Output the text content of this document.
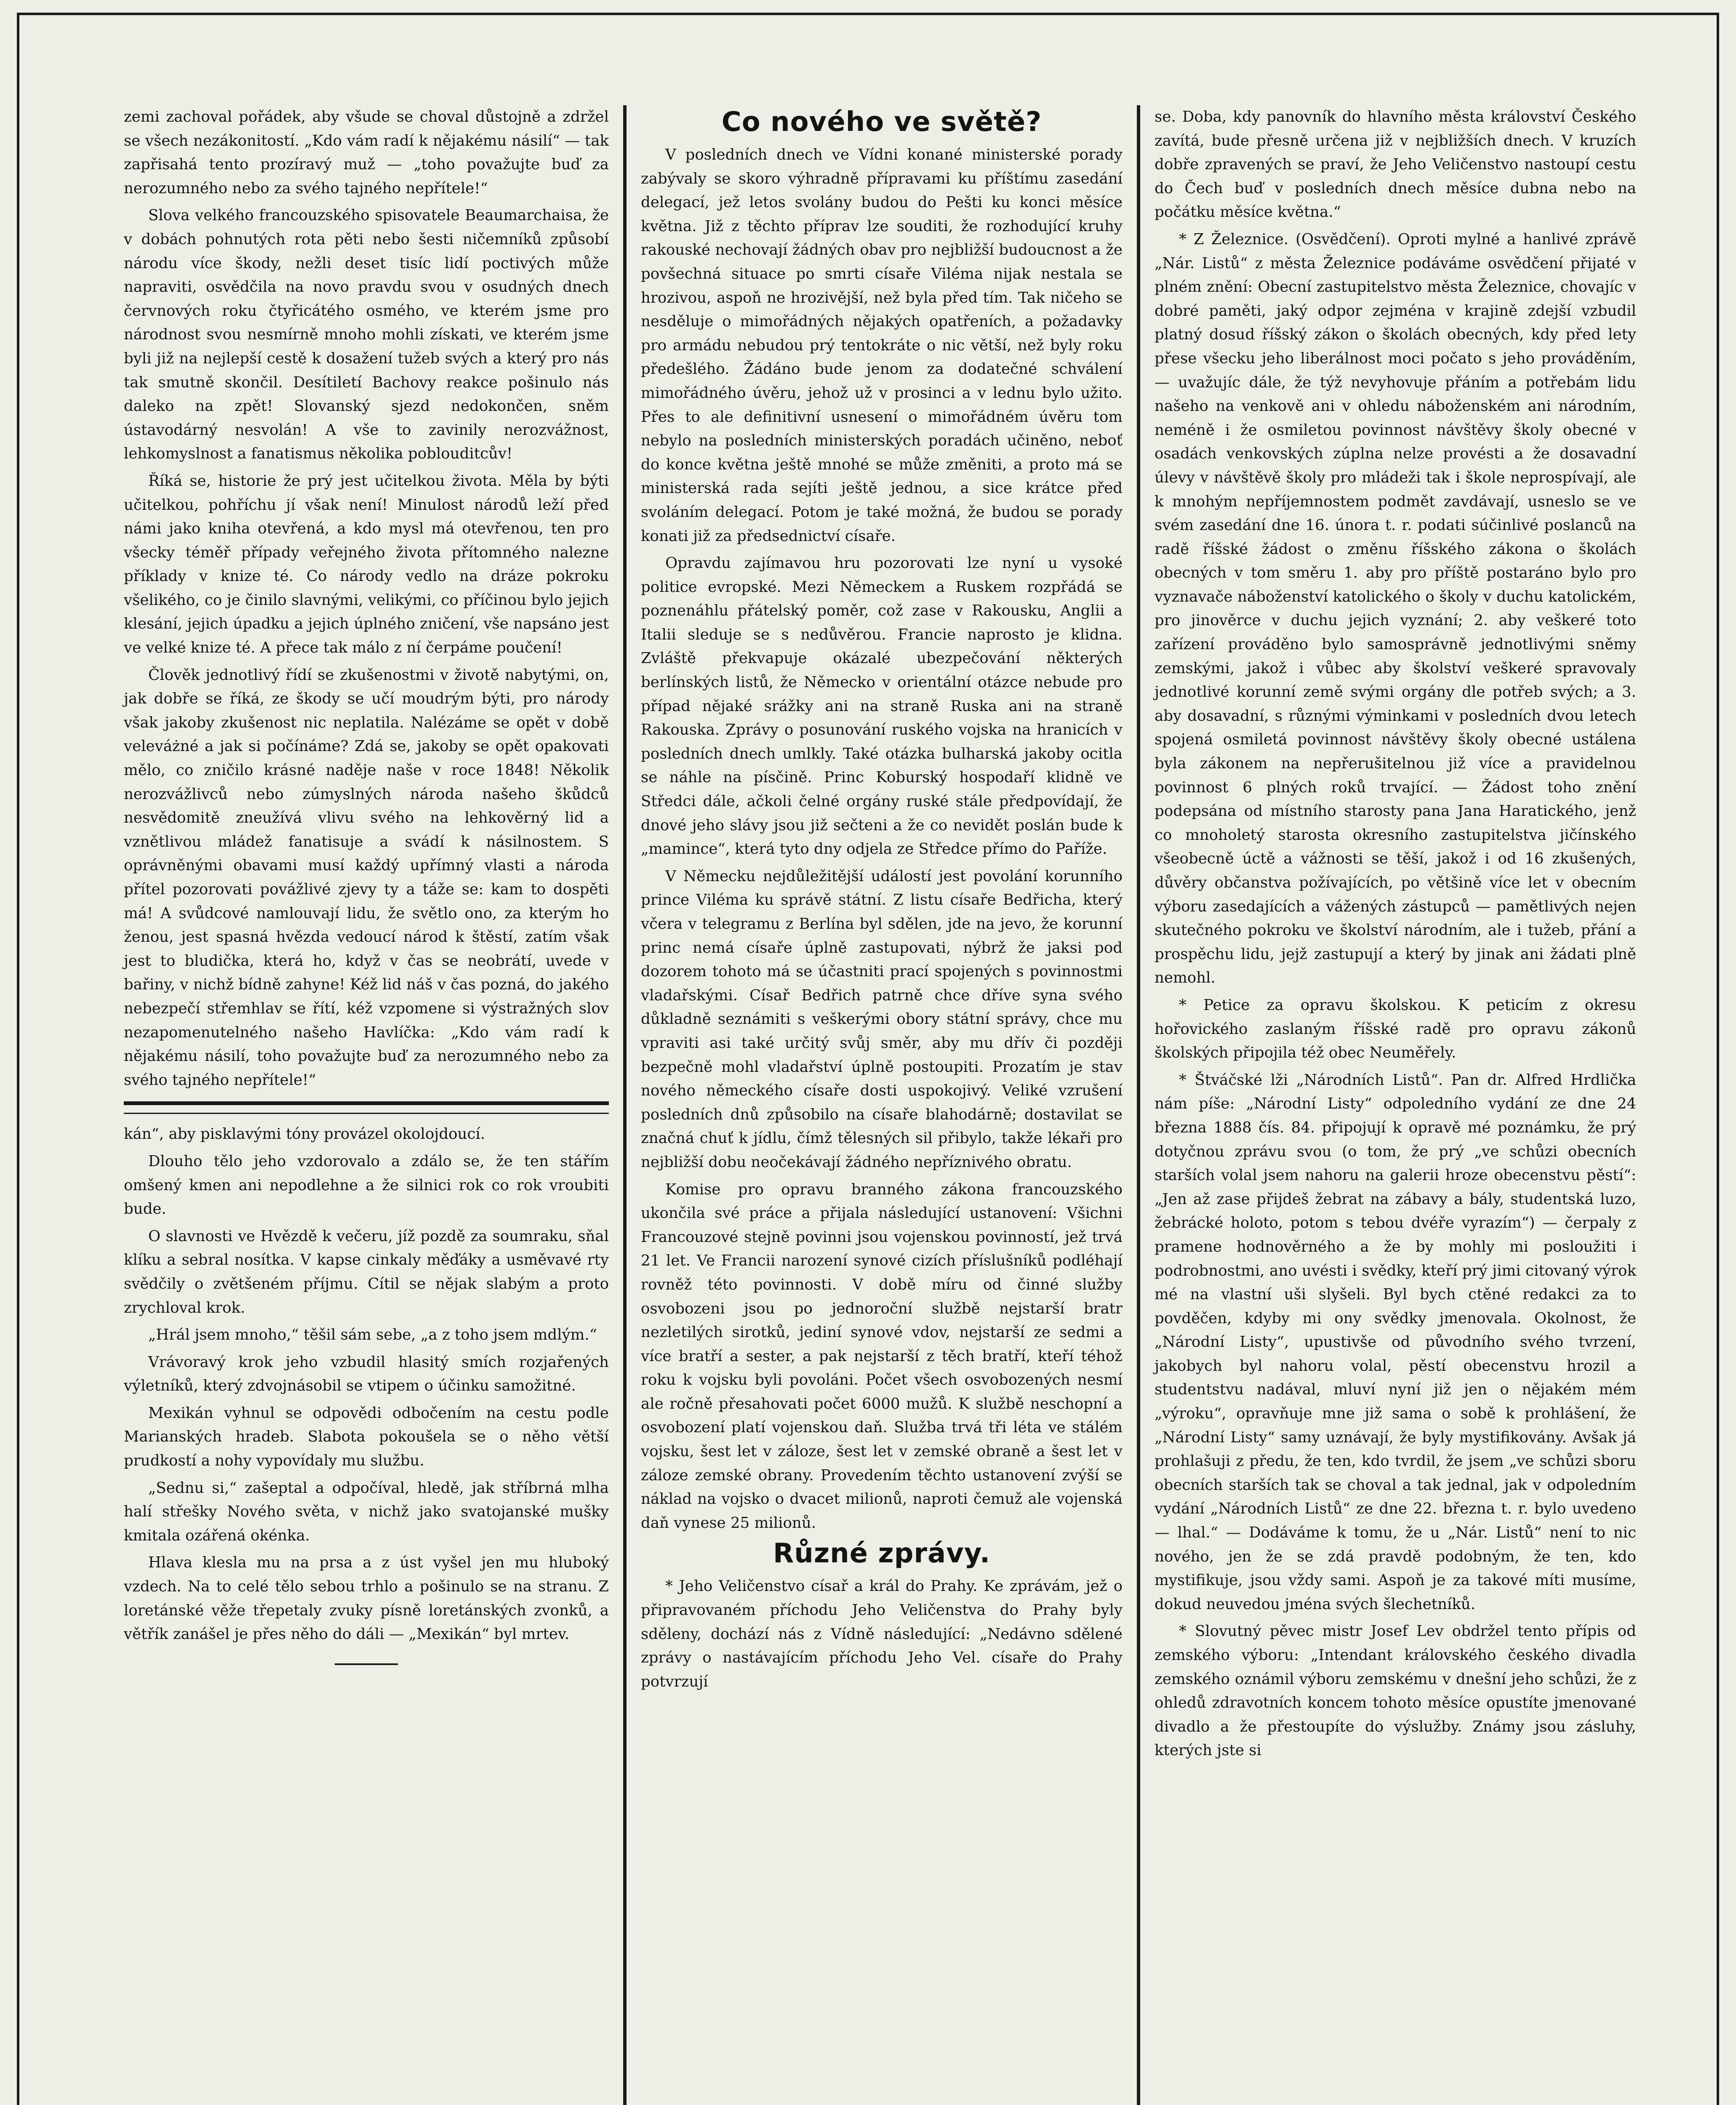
zemi zachoval pořádek, aby všude se choval důstojně a zdržel se všech nezákonitostí. „Kdo vám radí k nějakému násilí“ — tak zapřisahá tento prozíravý muž — „toho považujte buď za nerozumného nebo za svého tajného nepřítele!“

Slova velkého francouzského spisovatele Beaumarchaisa, že v dobách pohnutých rota pěti nebo šesti ničemníků způsobí národu více škody, nežli deset tisíc lidí poctivých může napraviti, osvědčila na novo pravdu svou v osudných dnech červnových roku čtyřicátého osmého, ve kterém jsme pro národnost svou nesmírně mnoho mohli získati, ve kterém jsme byli již na nejlepší cestě k dosažení tužeb svých a který pro nás tak smutně skončil. Desítiletí Bachovy reakce pošinulo nás daleko na zpět! Slovanský sjezd nedokončen, sněm ústavodárný nesvolán! A vše to zavinily nerozvážnost, lehkomyslnost a fanatismus několika poblouditcův!

Říká se, historie že prý jest učitelkou života. Měla by býti učitelkou, pohříchu jí však není! Minulost národů leží před námi jako kniha otevřená, a kdo mysl má otevřenou, ten pro všecky téměř případy veřejného života přítomného nalezne příklady v knize té. Co národy vedlo na dráze pokroku všelikého, co je činilo slavnými, velikými, co příčinou bylo jejich klesání, jejich úpadku a jejich úplného zničení, vše napsáno jest ve velké knize té. A přece tak málo z ní čerpáme poučení!

Člověk jednotlivý řídí se zkušenostmi v životě nabytými, on, jak dobře se říká, ze škody se učí moudrým býti, pro národy však jakoby zkušenost nic neplatila. Nalézáme se opět v době veleváżné a jak si počínáme? Zdá se, jakoby se opět opakovati mělo, co zničilo krásné naděje naše v roce 1848! Několik nerozvážlivců nebo zúmyslných národa našeho škůdců nesvědomitě zneužívá vlivu svého na lehkověrný lid a vznětlivou mládež fanatisuje a svádí k násilnostem. S oprávněnými obavami musí každý upřímný vlasti a národa přítel pozorovati povážlivé zjevy ty a táže se: kam to dospěti má! A svůdcové namlouvají lidu, že světlo ono, za kterým ho ženou, jest spasná hvězda vedoucí národ k štěstí, zatím však jest to bludička, která ho, když v čas se neobrátí, uvede v bařiny, v nichž bídně zahyne! Kéž lid náš v čas pozná, do jakého nebezpečí střemhlav se řítí, kéž vzpomene si výstražných slov nezapomenutelného našeho Havlíčka: „Kdo vám radí k nějakému násilí, toho považujte buď za nerozumného nebo za svého tajného nepřítele!“

kán“, aby pisklavými tóny provázel okolojdoucí.

Dlouho tělo jeho vzdorovalo a zdálo se, že ten stářím omšený kmen ani nepodlehne a že silnici rok co rok vroubiti bude.

O slavnosti ve Hvězdě k večeru, jíž pozdě za soumraku, sňal klíku a sebral nosítka. V kapse cinkaly měďáky a usměvavé rty svědčily o zvětšeném příjmu. Cítil se nějak slabým a proto zrychloval krok.

„Hrál jsem mnoho,“ těšil sám sebe, „a z toho jsem mdlým.“

Vrávoravý krok jeho vzbudil hlasitý smích rozjařených výletníků, který zdvojnásobil se vtipem o účinku samožitné.

Mexikán vyhnul se odpovědi odbočením na cestu podle Marianských hradeb. Slabota pokoušela se o něho větší prudkostí a nohy vypovídaly mu službu.

„Sednu si,“ zašeptal a odpočíval, hledě, jak stříbrná mlha halí střešky Nového světa, v nichž jako svatojanské mušky kmitala ozářená okénka.

Hlava klesla mu na prsa a z úst vyšel jen mu hluboký vzdech. Na to celé tělo sebou trhlo a pošinulo se na stranu. Z loretánské věže třepetaly zvuky písně loretánských zvonků, a větřík zanášel je přes něho do dáli — „Mexikán“ byl mrtev.

Co nového ve světě?

V posledních dnech ve Vídni konané ministerské porady zabývaly se skoro výhradně přípravami ku příštímu zasedání delegací, jež letos svolány budou do Pešti ku konci měsíce května. Již z těchto příprav lze souditi, že rozhodující kruhy rakouské nechovají žádných obav pro nejbližší budoucnost a že povšechná situace po smrti císaře Viléma nijak nestala se hrozivou, aspoň ne hrozivější, než byla před tím. Tak ničeho se nesděluje o mimořádných nějakých opatřeních, a požadavky pro armádu nebudou prý tentokráte o nic větší, než byly roku předešlého. Žádáno bude jenom za dodatečné schválení mimořádného úvěru, jehož už v prosinci a v lednu bylo užito. Přes to ale definitivní usnesení o mimořádném úvěru tom nebylo na posledních ministerských poradách učiněno, neboť do konce května ještě mnohé se může změniti, a proto má se ministerská rada sejíti ještě jednou, a sice krátce před svoláním delegací. Potom je také možná, že budou se porady konati již za předsednictví císaře.

Opravdu zajímavou hru pozorovati lze nyní u vysoké politice evropské. Mezi Německem a Ruskem rozpřádá se poznenáhlu přátelský poměr, což zase v Rakousku, Anglii a Italii sleduje se s nedůvěrou. Francie naprosto je klidna. Zvláště překvapuje okázalé ubezpečování některých berlínských listů, že Německo v orientální otázce nebude pro případ nějaké srážky ani na straně Ruska ani na straně Rakouska. Zprávy o posunování ruského vojska na hranicích v posledních dnech umlkly. Také otázka bulharská jakoby ocitla se náhle na písčině. Princ Koburský hospodaří klidně ve Středci dále, ačkoli čelné orgány ruské stále předpovídají, že dnové jeho slávy jsou již sečteni a že co nevidět poslán bude k „mamince“, která tyto dny odjela ze Středce přímo do Paříže.

V Německu nejdůležitější událostí jest povolání korunního prince Viléma ku správě státní. Z listu císaře Bedřicha, který včera v telegramu z Berlína byl sdělen, jde na jevo, že korunní princ nemá císaře úplně zastupovati, nýbrž že jaksi pod dozorem tohoto má se účastniti prací spojených s povinnostmi vladařskými. Císař Bedřich patrně chce dříve syna svého důkladně seznámiti s veškerými obory státní správy, chce mu vpraviti asi také určitý svůj směr, aby mu dřív či později bezpečně mohl vladařství úplně postoupiti. Prozatím je stav nového německého císaře dosti uspokojivý. Veliké vzrušení posledních dnů způsobilo na císaře blahodárně; dostavilat se značná chuť k jídlu, čímž tělesných sil přibylo, takže lékaři pro nejbližší dobu neočekávají žádného nepříznivého obratu.

Komise pro opravu branného zákona francouzského ukončila své práce a přijala následující ustanovení: Všichni Francouzové stejně povinni jsou vojenskou povinností, jež trvá 21 let. Ve Francii narození synové cizích příslušníků podléhají rovněž této povinnosti. V době míru od činné služby osvobozeni jsou po jednoroční službě nejstarší bratr nezletilých sirotků, jediní synové vdov, nejstarší ze sedmi a více bratří a sester, a pak nejstarší z těch bratří, kteří téhož roku k vojsku byli povoláni. Počet všech osvobozených nesmí ale ročně přesahovati počet 6000 mužů. K službě neschopní a osvobození platí vojenskou daň. Služba trvá tři léta ve stálém vojsku, šest let v záloze, šest let v zemské obraně a šest let v záloze zemské obrany. Provedením těchto ustanovení zvýší se náklad na vojsko o dvacet milionů, naproti čemuž ale vojenská daň vynese 25 milionů.

Různé zprávy.

* Jeho Veličenstvo císař a král do Prahy. Ke zprávám, jež o připravovaném příchodu Jeho Veličenstva do Prahy byly sděleny, dochází nás z Vídně následující: „Nedávno sdělené zprávy o nastávajícím příchodu Jeho Vel. císaře do Prahy potvrzují

se. Doba, kdy panovník do hlavního města království Českého zavítá, bude přesně určena již v nejbližších dnech. V kruzích dobře zpravených se praví, že Jeho Veličenstvo nastoupí cestu do Čech buď v posledních dnech měsíce dubna nebo na počátku měsíce května.“

* Z Železnice. (Osvědčení). Oproti mylné a hanlivé zprávě „Nár. Listů“ z města Železnice podáváme osvědčení přijaté v plném znění: Obecní zastupitelstvo města Železnice, chovajíc v dobré paměti, jaký odpor zejména v krajině zdejší vzbudil platný dosud říšský zákon o školách obecných, kdy před lety přese všecku jeho liberálnost moci počato s jeho prováděním, — uvažujíc dále, že týž nevyhovuje přáním a potřebám lidu našeho na venkově ani v ohledu náboženském ani národním, neméně i že osmiletou povinnost návštěvy školy obecné v osadách venkovských zúplna nelze provésti a že dosavadní úlevy v návštěvě školy pro mládeži tak i škole neprospívají, ale k mnohým nepříjemnostem podmět zavdávají, usneslo se ve svém zasedání dne 16. února t. r. podati súčinlivé poslanců na radě říšské žádost o změnu říšského zákona o školách obecných v tom směru 1. aby pro příště postaráno bylo pro vyznavače náboženství katolického o školy v duchu katolickém, pro jinověrce v duchu jejich vyznání; 2. aby veškeré toto zařízení prováděno bylo samosprávně jednotlivými sněmy zemskými, jakož i vůbec aby školství veškeré spravovaly jednotlivé korunní země svými orgány dle potřeb svých; a 3. aby dosavadní, s různými výminkami v posledních dvou letech spojená osmiletá povinnost návštěvy školy obecné ustálena byla zákonem na nepřerušitelnou již více a pravidelnou povinnost 6 plných roků trvající. — Žádost toho znění podepsána od místního starosty pana Jana Haratického, jenž co mnoholetý starosta okresního zastupitelstva jičínského všeobecně úctě a vážnosti se těší, jakož i od 16 zkušených, důvěry občanstva požívajících, po většině více let v obecním výboru zasedajících a vážených zástupců — pamětlivých nejen skutečného pokroku ve školství národním, ale i tužeb, přání a prospěchu lidu, jejž zastupují a který by jinak ani žádati plně nemohl.

* Petice za opravu školskou. K peticím z okresu hořovického zaslaným říšské radě pro opravu zákonů školských připojila též obec Neuměřely.

* Štváčské lži „Národních Listů“. Pan dr. Alfred Hrdlička nám píše: „Národní Listy“ odpoledního vydání ze dne 24 března 1888 čís. 84. připojují k opravě mé poznámku, že prý dotyčnou zprávu svou (o tom, že prý „ve schůzi obecních starších volal jsem nahoru na galerii hroze obecenstvu pěstí“: „Jen až zase přijdeš žebrat na zábavy a bály, studentská luzo, žebrácké holoto, potom s tebou dvéře vyrazím“) — čerpaly z pramene hodnověrného a že by mohly mi posloužiti i podrobnostmi, ano uvésti i svědky, kteří prý jimi citovaný výrok mé na vlastní uši slyšeli. Byl bych ctěné redakci za to povděčen, kdyby mi ony svědky jmenovala. Okolnost, že „Národní Listy“, upustivše od původního svého tvrzení, jakobych byl nahoru volal, pěstí obecenstvu hrozil a studentstvu nadával, mluví nyní již jen o nějakém mém „výroku“, opravňuje mne již sama o sobě k prohlášení, že „Národní Listy“ samy uznávají, že byly mystifikovány. Avšak já prohlašuji z předu, že ten, kdo tvrdil, že jsem „ve schůzi sboru obecních starších tak se choval a tak jednal, jak v odpoledním vydání „Národních Listů“ ze dne 22. března t. r. bylo uvedeno — lhal.“ — Dodáváme k tomu, že u „Nár. Listů“ není to nic nového, jen že se zdá pravdě podobným, že ten, kdo mystifikuje, jsou vždy sami. Aspoň je za takové míti musíme, dokud neuvedou jména svých šlechetníků.

* Slovutný pěvec mistr Josef Lev obdržel tento přípis od zemského výboru: „Intendant královského českého divadla zemského oznámil výboru zemskému v dnešní jeho schůzi, že z ohledů zdravotních koncem tohoto měsíce opustíte jmenované divadlo a že přestoupíte do výslužby. Známy jsou zásluhy, kterých jste si
